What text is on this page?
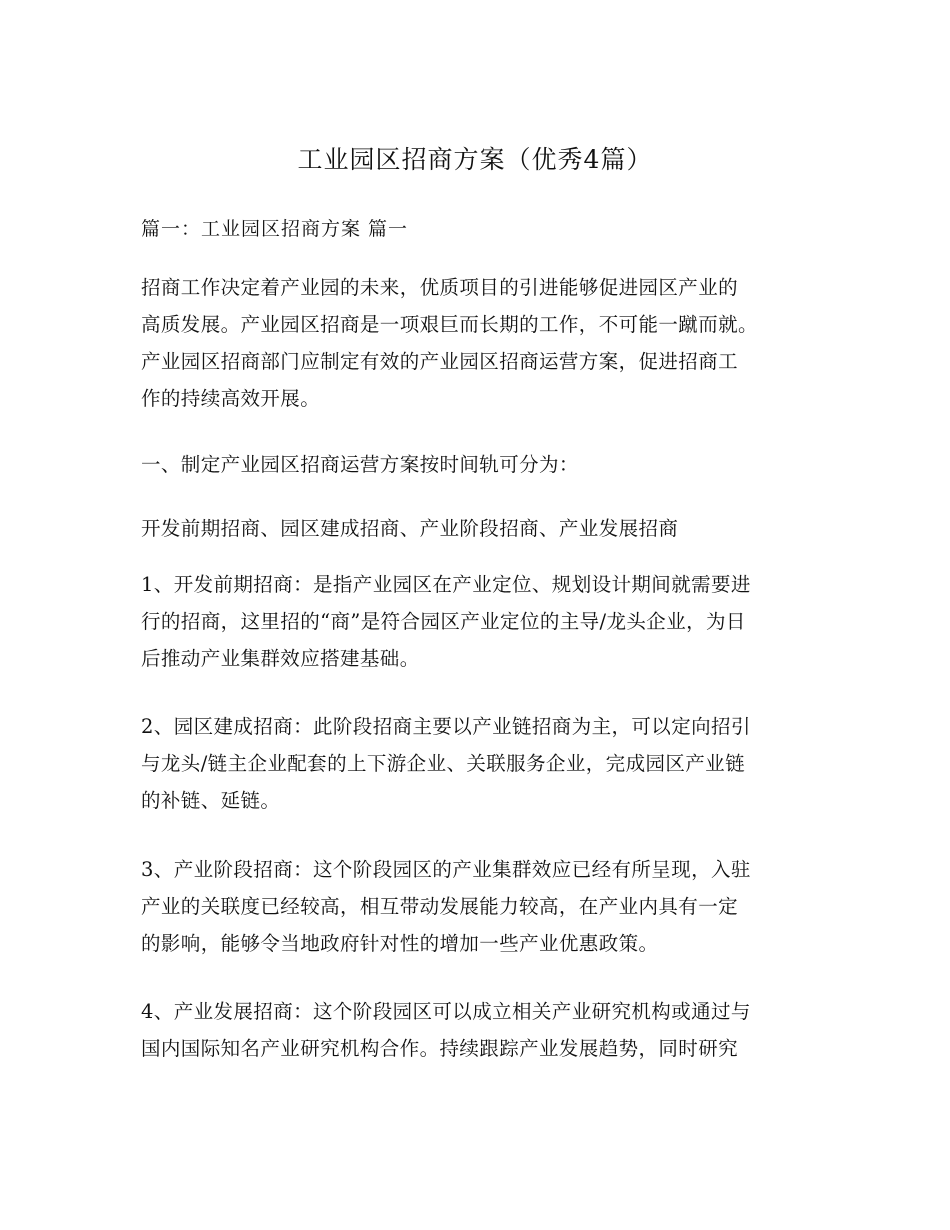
工业园区招商方案（优秀4篇）
篇一：工业园区招商方案 篇一
招商工作决定着产业园的未来，优质项目的引进能够促进园区产业的
高质发展。产业园区招商是一项艰巨而长期的工作，不可能一蹴而就。
产业园区招商部门应制定有效的产业园区招商运营方案，促进招商工
作的持续高效开展。
一、制定产业园区招商运营方案按时间轨可分为：
开发前期招商、园区建成招商、产业阶段招商、产业发展招商
1、开发前期招商：是指产业园区在产业定位、规划设计期间就需要进
行的招商，这里招的“商”是符合园区产业定位的主导/龙头企业，为日
后推动产业集群效应搭建基础。
2、园区建成招商：此阶段招商主要以产业链招商为主，可以定向招引
与龙头/链主企业配套的上下游企业、关联服务企业，完成园区产业链
的补链、延链。
3、产业阶段招商：这个阶段园区的产业集群效应已经有所呈现，入驻
产业的关联度已经较高，相互带动发展能力较高，在产业内具有一定
的影响，能够令当地政府针对性的增加一些产业优惠政策。
4、产业发展招商：这个阶段园区可以成立相关产业研究机构或通过与
国内国际知名产业研究机构合作。持续跟踪产业发展趋势，同时研究
